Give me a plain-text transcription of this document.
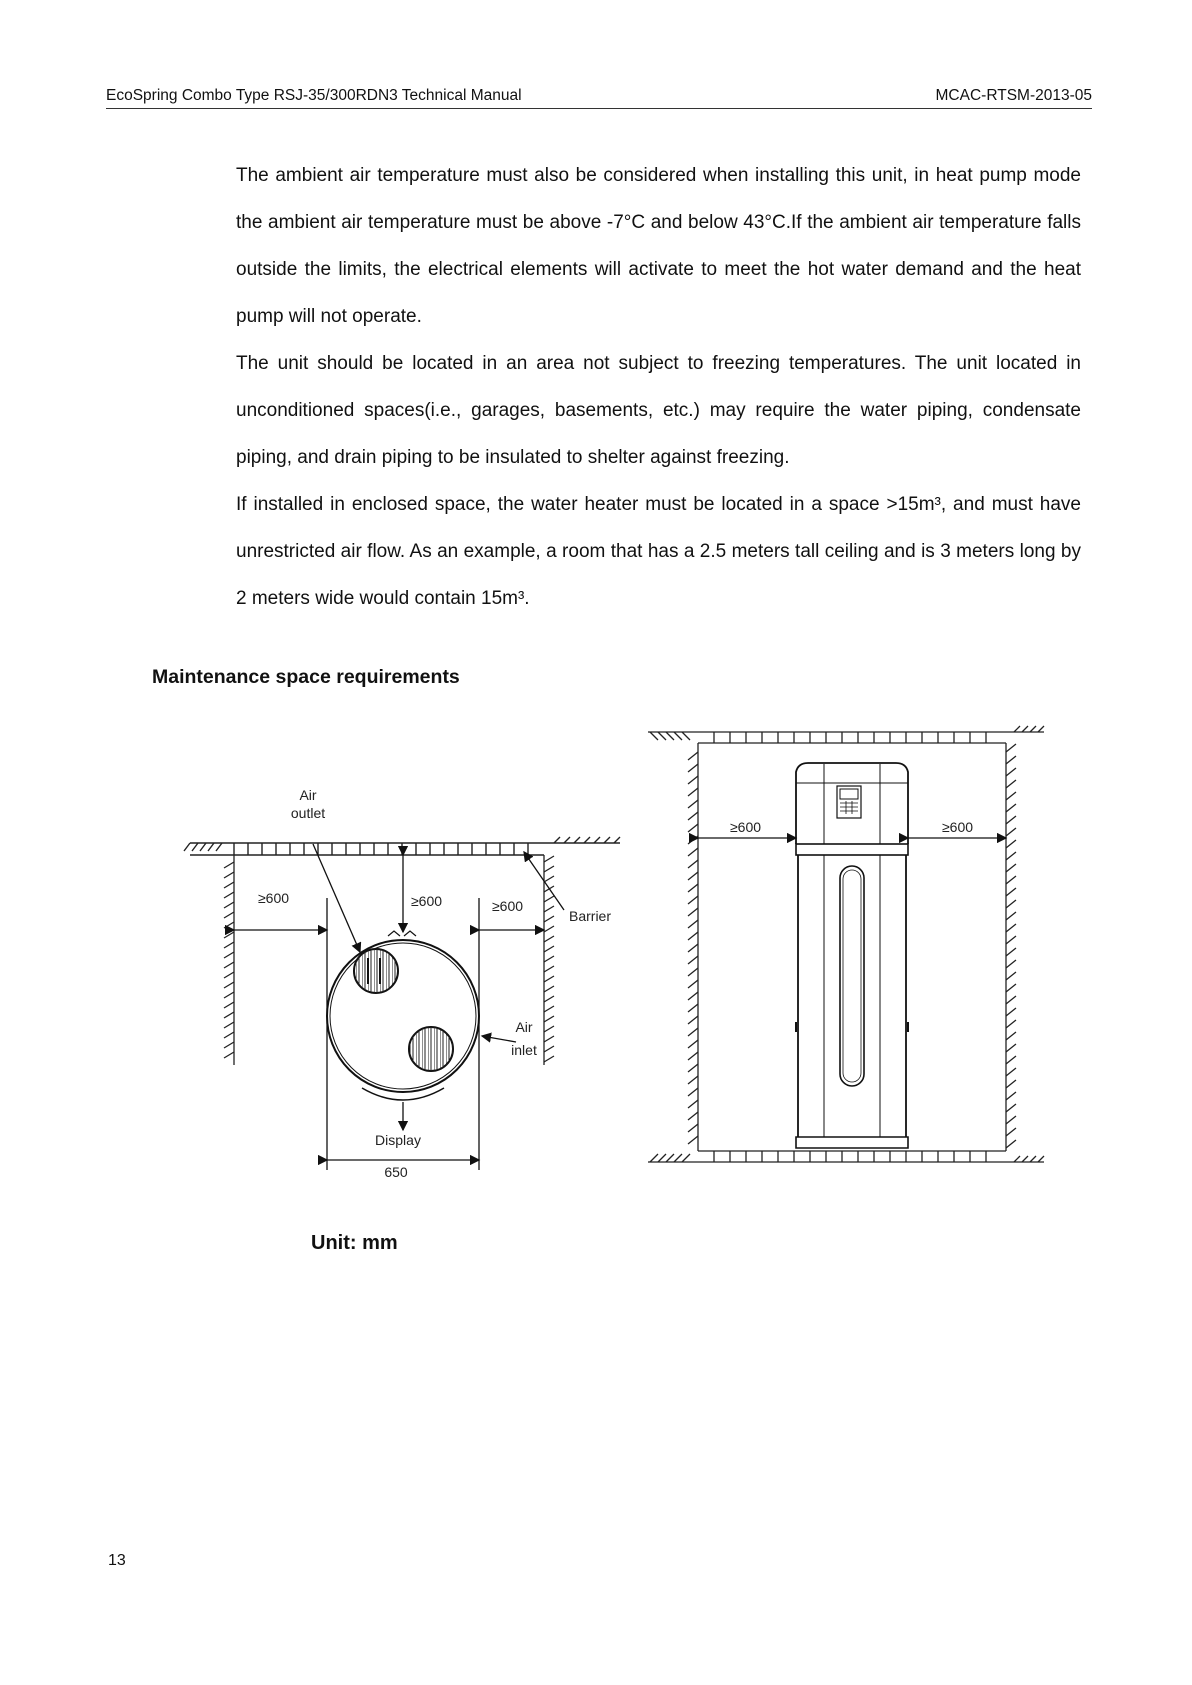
EcoSpring Combo Type RSJ-35/300RDN3 Technical Manual	MCAC-RTSM-2013-05
The ambient air temperature must also be considered when installing this unit, in heat pump mode the ambient air temperature must be above -7°C and below 43°C.If the ambient air temperature falls outside the limits, the electrical elements will activate to meet the hot water demand and the heat pump will not operate.
The unit should be located in an area not subject to freezing temperatures. The unit located in unconditioned spaces(i.e., garages, basements, etc.) may require the water piping, condensate piping, and drain piping to be insulated to shelter against freezing.
If installed in enclosed space, the water heater must be located in a space >15m³, and must have unrestricted air flow. As an example, a room that has a 2.5 meters tall ceiling and is 3 meters long by 2 meters wide would contain 15m³.
Maintenance space requirements
Air
outlet
≥600	≥600	≥600
Barrier
Air
inlet
Display
650
≥600	≥600
Unit: mm
13
